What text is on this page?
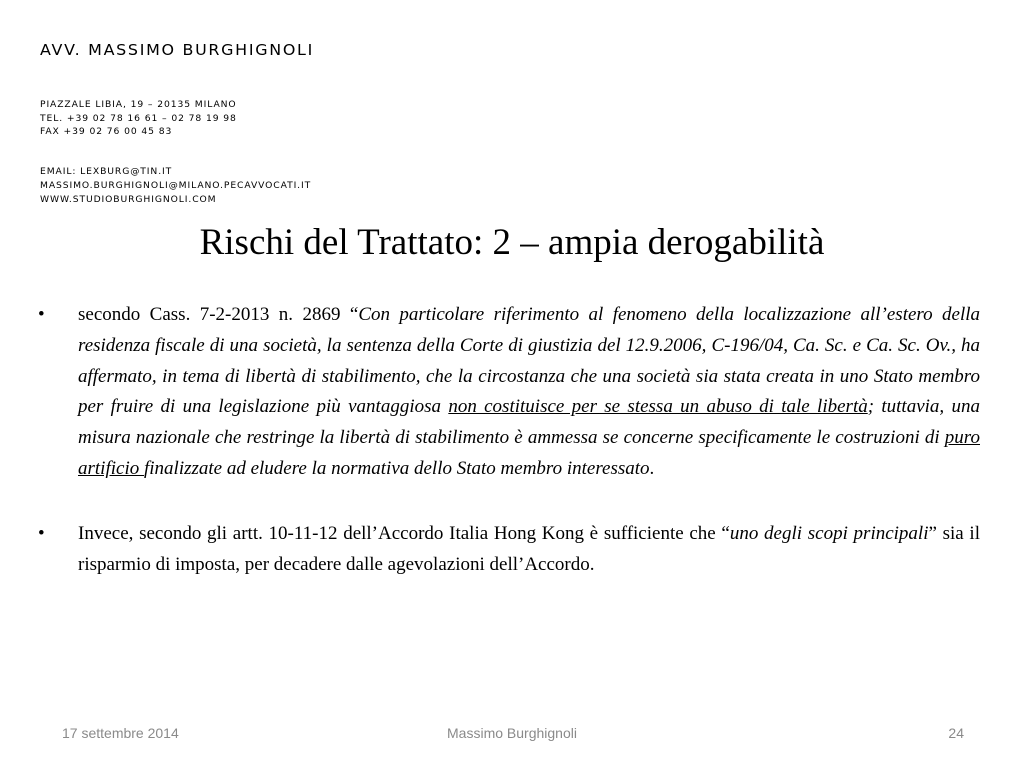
AVV. MASSIMO BURGHIGNOLI
PIAZZALE LIBIA, 19 – 20135 MILANO
TEL. +39 02 78 16 61 – 02 78 19 98
FAX +39 02 76 00 45 83
EMAIL: LEXBURG@TIN.IT
MASSIMO.BURGHIGNOLI@MILANO.PECAVVOCATI.IT
WWW.STUDIOBURGHIGNOLI.COM
Rischi del Trattato: 2 – ampia derogabilità
•	secondo Cass. 7-2-2013 n. 2869 “Con particolare riferimento al fenomeno della localizzazione all’estero della residenza fiscale di una società, la sentenza della Corte di giustizia del 12.9.2006, C-196/04, Ca. Sc. e Ca. Sc. Ov., ha affermato, in tema di libertà di stabilimento, che la circostanza che una società sia stata creata in uno Stato membro per fruire di una legislazione più vantaggiosa non costituisce per se stessa un abuso di tale libertà; tuttavia, una misura nazionale che restringe la libertà di stabilimento è ammessa se concerne specificamente le costruzioni di puro artificio finalizzate ad eludere la normativa dello Stato membro interessato.
•	Invece, secondo gli artt. 10-11-12 dell’Accordo Italia Hong Kong è sufficiente che “uno degli scopi principali” sia il risparmio di imposta, per decadere dalle agevolazioni dell’Accordo.
17 settembre 2014	Massimo Burghignoli	24
